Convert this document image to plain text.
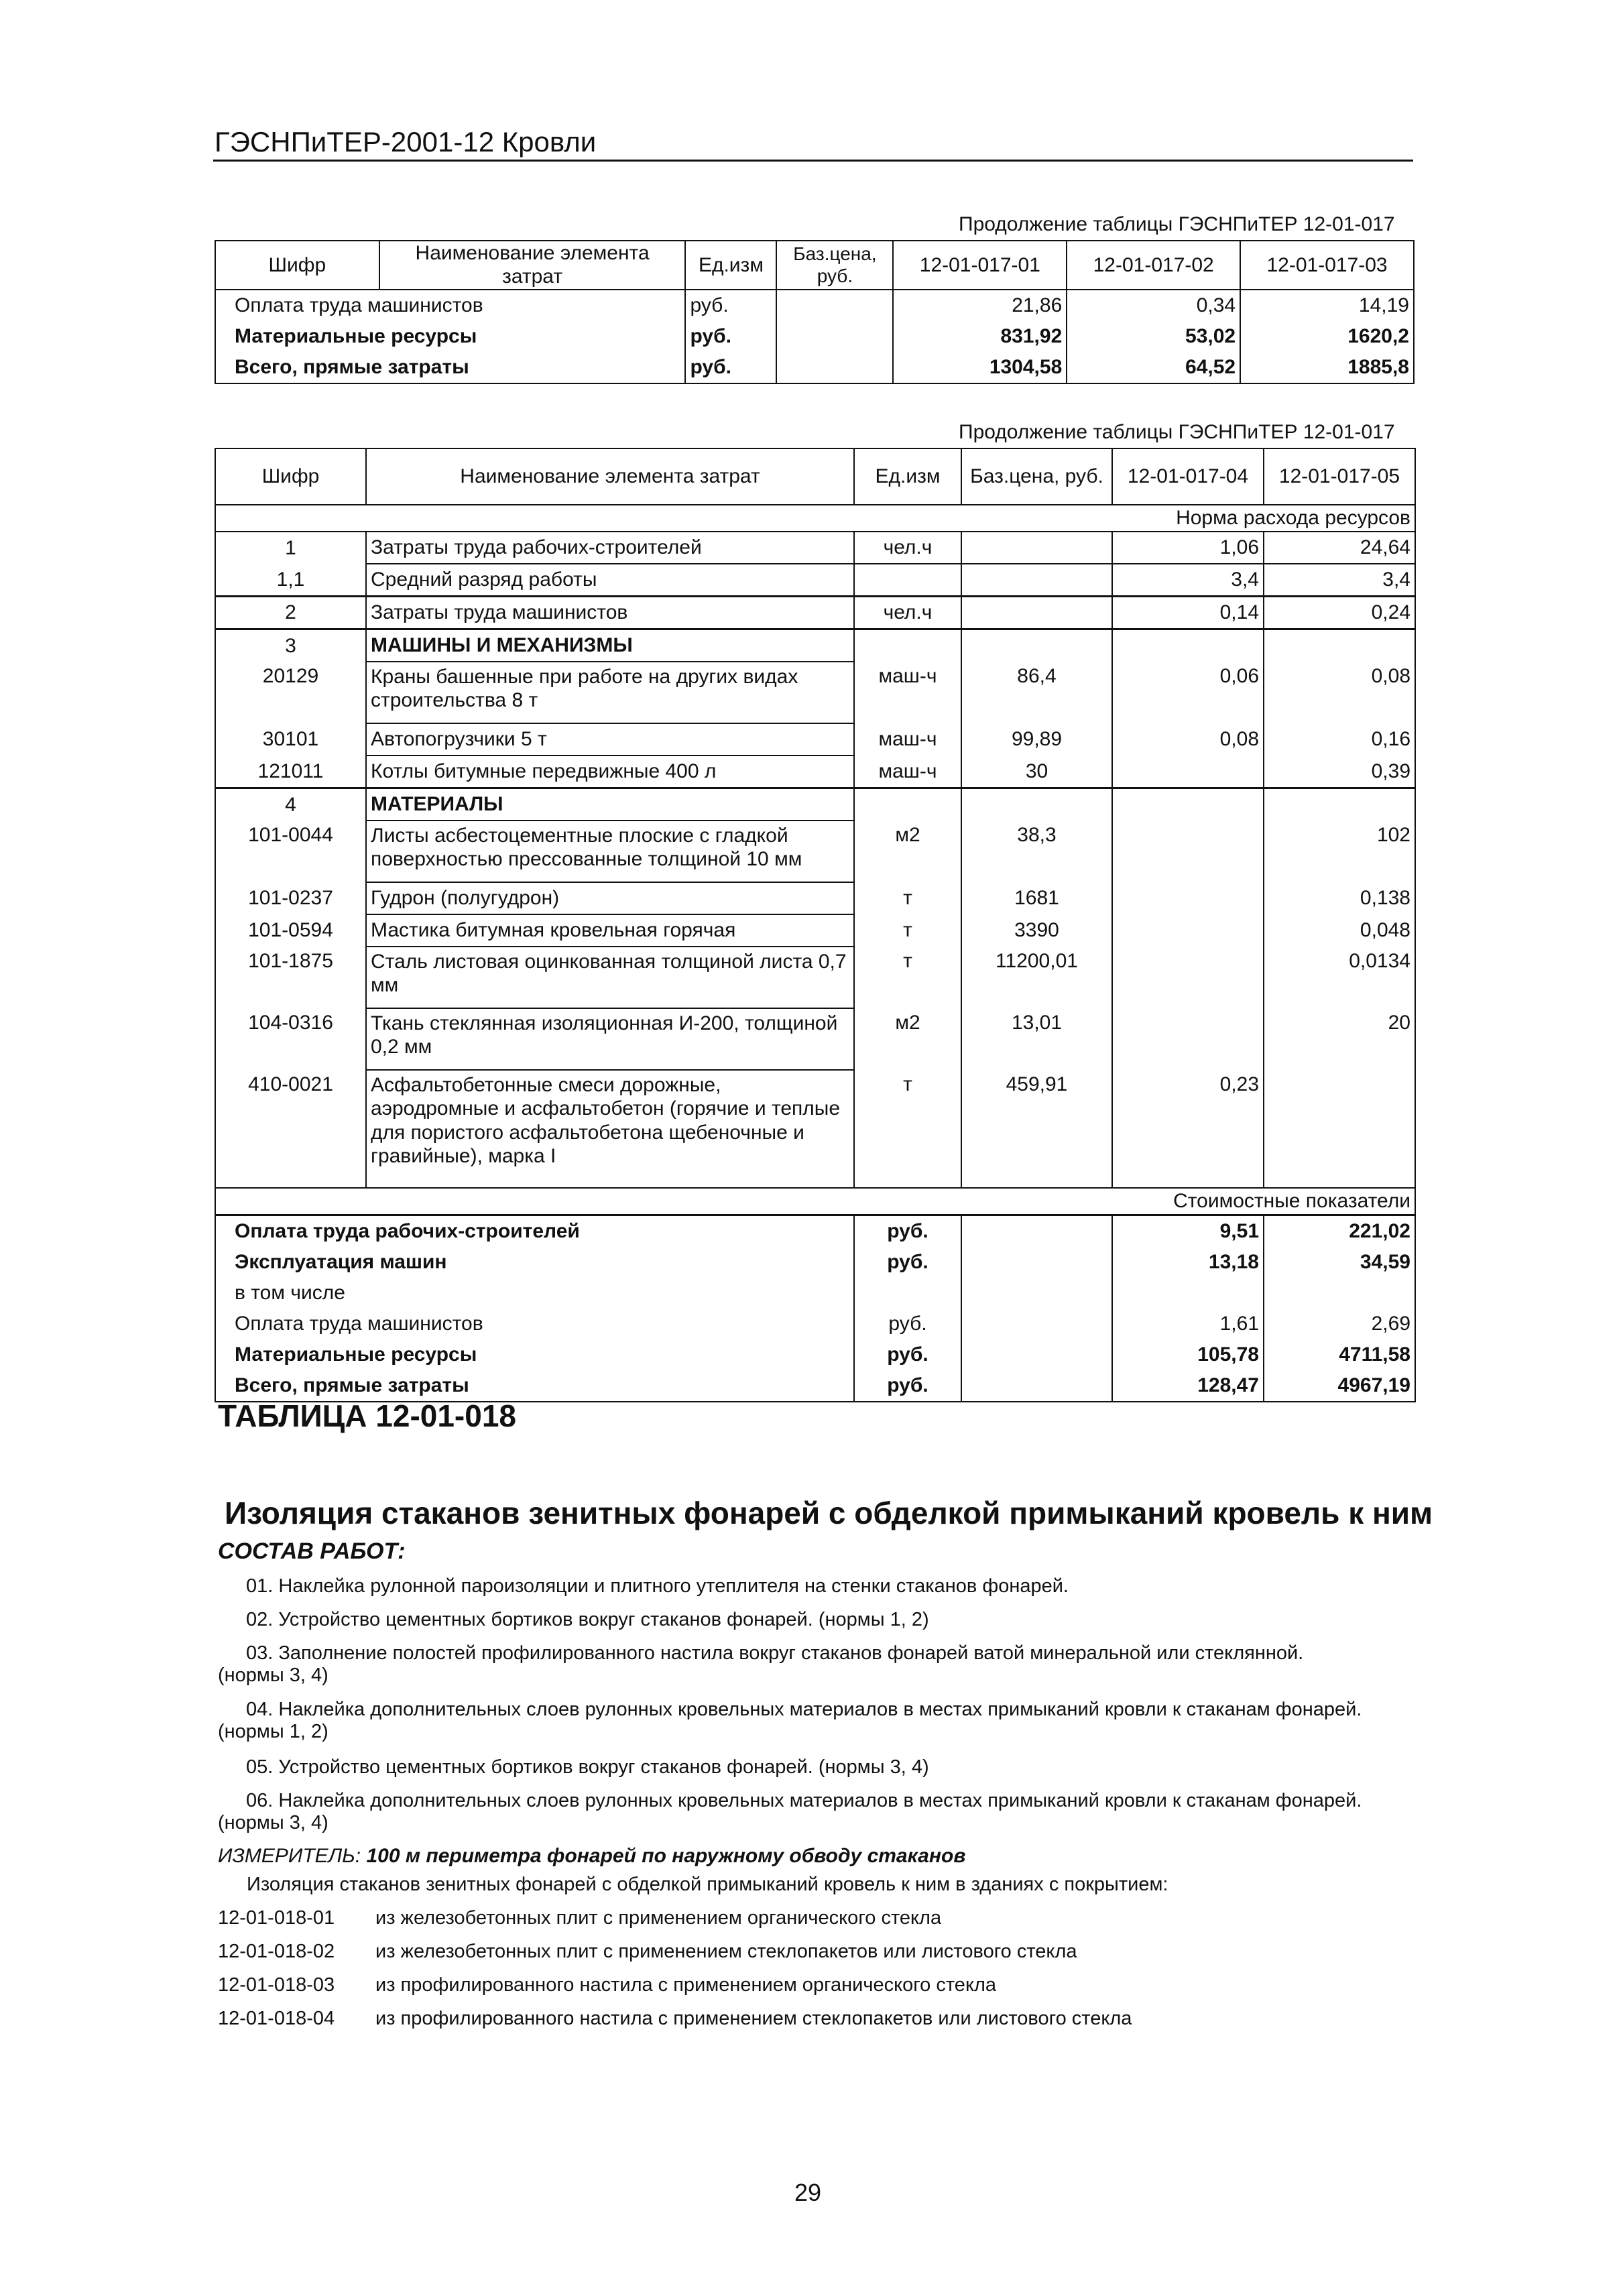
ГЭСНПиТЕР-2001-12 Кровли
Продолжение таблицы ГЭСНПиТЕР 12-01-017
Шифр	Наименование элемента затрат	Ед.изм	Баз.цена, руб.	12-01-017-01	12-01-017-02	12-01-017-03
Оплата труда машинистов		руб.		21,86	0,34	14,19
Материальные ресурсы		руб.		831,92	53,02	1620,2
Всего, прямые затраты		руб.		1304,58	64,52	1885,8
Продолжение таблицы ГЭСНПиТЕР 12-01-017
Шифр	Наименование элемента затрат	Ед.изм	Баз.цена, руб.	12-01-017-04	12-01-017-05
Норма расхода ресурсов					
1	Затраты труда рабочих-строителей	чел.ч		1,06	24,64
1,1	Средний разряд работы			3,4	3,4
2	Затраты труда машинистов	чел.ч		0,14	0,24
3	МАШИНЫ И МЕХАНИЗМЫ				
20129	Краны башенные при работе на других видах строительства 8 т	маш-ч	86,4	0,06	0,08
30101	Автопогрузчики 5 т	маш-ч	99,89	0,08	0,16
121011	Котлы битумные передвижные 400 л	маш-ч	30		0,39
4	МАТЕРИАЛЫ				
101-0044	Листы асбестоцементные плоские с гладкой поверхностью прессованные толщиной 10 мм	м2	38,3		102
101-0237	Гудрон (полугудрон)	т	1681		0,138
101-0594	Мастика битумная кровельная горячая	т	3390		0,048
101-1875	Сталь листовая оцинкованная толщиной листа 0,7 мм	т	11200,01		0,0134
104-0316	Ткань стеклянная изоляционная И-200, толщиной 0,2 мм	м2	13,01		20
410-0021	Асфальтобетонные смеси дорожные, аэродромные и асфальтобетон (горячие и теплые для пористого асфальтобетона щебеночные и гравийные), марка I	т	459,91	0,23	
Стоимостные показатели					
Оплата труда рабочих-строителей		руб.		9,51	221,02
Эксплуатация машин		руб.		13,18	34,59
в том числе					
Оплата труда машинистов		руб.		1,61	2,69
Материальные ресурсы		руб.		105,78	4711,58
Всего, прямые затраты		руб.		128,47	4967,19
ТАБЛИЦА 12-01-018
Изоляция стаканов зенитных фонарей с обделкой примыканий кровель к ним
СОСТАВ РАБОТ:
01. Наклейка рулонной пароизоляции и плитного утеплителя на стенки стаканов фонарей.
02. Устройство цементных бортиков вокруг стаканов фонарей. (нормы 1, 2)
03. Заполнение полостей профилированного настила вокруг стаканов фонарей ватой минеральной или стеклянной.
(нормы 3, 4)
04. Наклейка дополнительных слоев рулонных кровельных материалов в местах примыканий кровли к стаканам фонарей.
(нормы 1, 2)
05. Устройство цементных бортиков вокруг стаканов фонарей. (нормы 3, 4)
06. Наклейка дополнительных слоев рулонных кровельных материалов в местах примыканий кровли к стаканам фонарей.
(нормы 3, 4)
ИЗМЕРИТЕЛЬ: 100 м периметра фонарей по наружному обводу стаканов
Изоляция стаканов зенитных фонарей с обделкой примыканий кровель к ним в зданиях с покрытием:
12-01-018-01 из железобетонных плит с применением органического стекла
12-01-018-02 из железобетонных плит с применением стеклопакетов или листового стекла
12-01-018-03 из профилированного настила с применением органического стекла
12-01-018-04 из профилированного настила с применением стеклопакетов или листового стекла
29
